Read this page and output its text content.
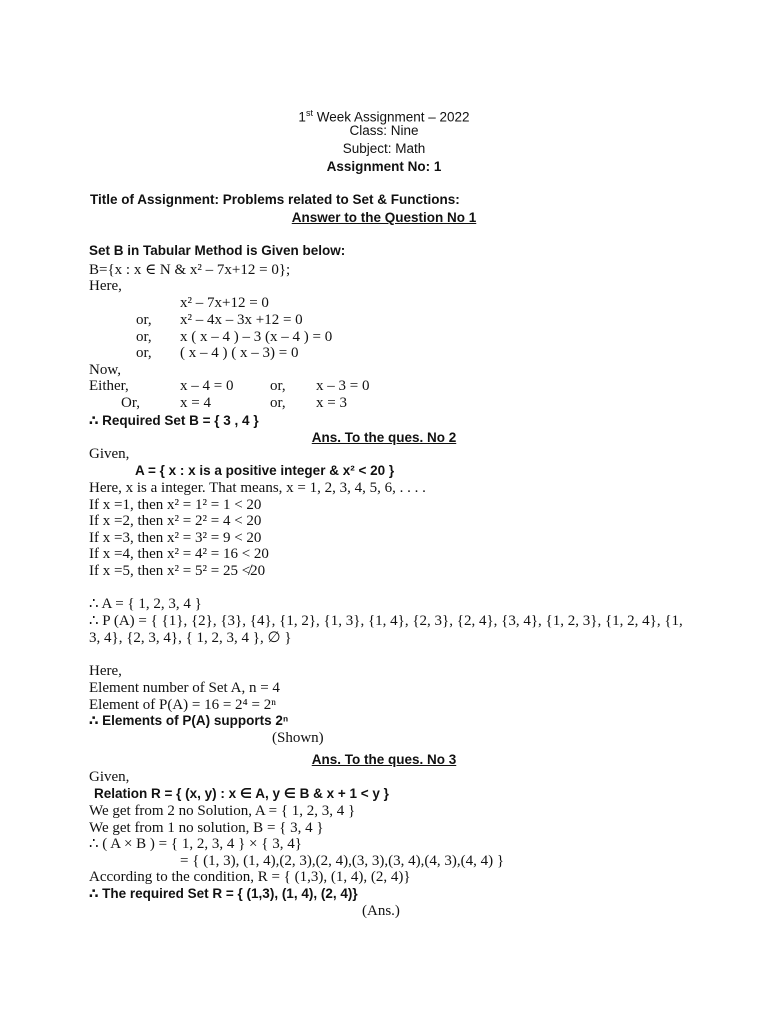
1st Week Assignment – 2022
Class: Nine
Subject: Math
Assignment No: 1
Title of Assignment: Problems related to Set & Functions:
Answer to the Question No 1
Set B in Tabular Method is Given below:
B={x : x ∈ N & x² – 7x+12 = 0};
Here,
x² – 7x+12 = 0
or, x² – 4x – 3x +12 = 0
or, x ( x – 4 ) – 3 (x – 4 ) = 0
or, ( x – 4 ) ( x – 3) = 0
Now,
Either,	x – 4 = 0 or, x – 3 = 0
Or,	x = 4	or, x = 3
∴ Required Set B = { 3 , 4 }
Ans. To the ques. No 2
Given,
A = { x : x is a positive integer & x² < 20 }
Here, x is a integer. That means, x = 1, 2, 3, 4, 5, 6, . . . .
If x =1, then x² = 1² = 1 < 20
If x =2, then x² = 2² = 4 < 20
If x =3, then x² = 3² = 9 < 20
If x =4, then x² = 4² = 16 < 20
If x =5, then x² = 5² = 25 ≮20
∴ A = { 1, 2, 3, 4 }
∴ P (A) = { {1}, {2}, {3}, {4}, {1, 2}, {1, 3}, {1, 4}, {2, 3}, {2, 4}, {3, 4}, {1, 2, 3}, {1, 2, 4}, {1, 3, 4}, {2, 3, 4}, { 1, 2, 3, 4 }, ∅ }
Here,
Element number of Set A, n = 4
Element of P(A) = 16 = 2⁴ = 2ⁿ
∴ Elements of P(A) supports 2ⁿ
(Shown)
Ans. To the ques. No 3
Given,
Relation R = { (x, y) : x ∈ A, y ∈ B & x + 1 < y }
We get from 2 no Solution, A = { 1, 2, 3, 4 }
We get from 1 no solution, B = { 3, 4 }
∴ ( A × B ) = { 1, 2, 3, 4 } × { 3, 4}
= { (1, 3), (1, 4),(2, 3),(2, 4),(3, 3),(3, 4),(4, 3),(4, 4) }
According to the condition, R = { (1,3), (1, 4), (2, 4)}
∴ The required Set R = { (1,3), (1, 4), (2, 4)}
(Ans.)
